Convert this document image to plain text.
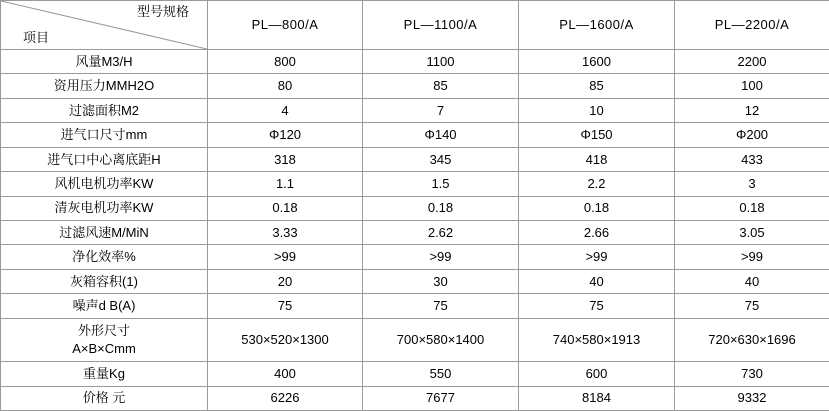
型号规格
项目	PL—800/A	PL—1100/A	PL—1600/A	PL—2200/A
风量M3/H	800	1100	1600	2200
资用压力MMH2O	80	85	85	100
过滤面积M2	4	7	10	12
进气口尺寸mm	Φ120	Φ140	Φ150	Φ200
进气口中心离底距H	318	345	418	433
风机电机功率KW	1.1	1.5	2.2	3
清灰电机功率KW	0.18	0.18	0.18	0.18
过滤风速M/MiN	3.33	2.62	2.66	3.05
净化效率%	>99	>99	>99	>99
灰箱容积(1)	20	30	40	40
噪声d B(A)	75	75	75	75

外形尺寸
A×B×Cmm	530×520×1300	700×580×1400	740×580×1913	720×630×1696
重量Kg	400	550	600	730
价格 元	6226	7677	8184	9332
